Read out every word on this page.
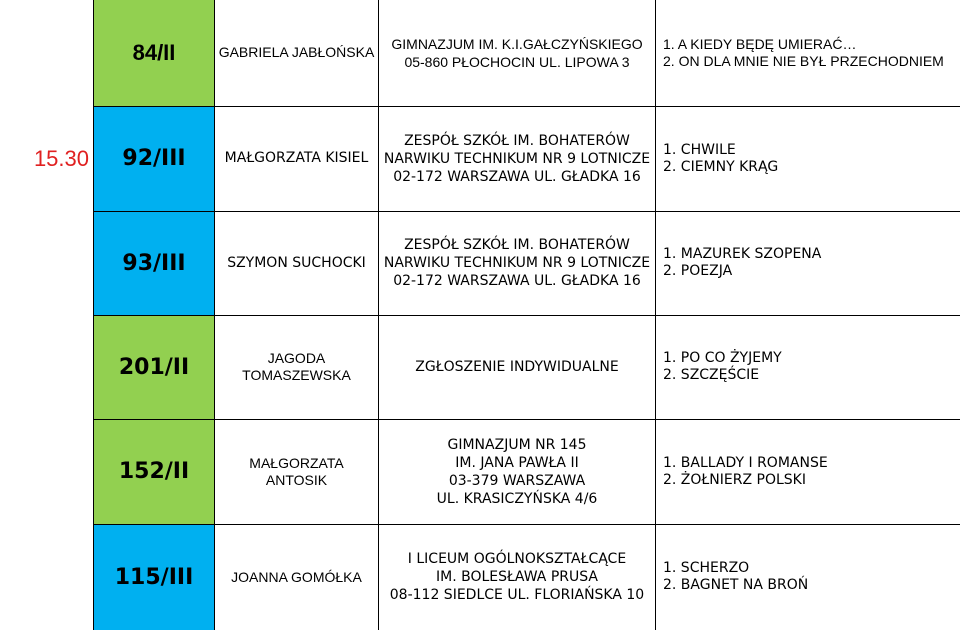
	84/II	GABRIELA JABŁOŃSKA	GIMNAZJUM IM. K.I.GAŁCZYŃSKIEGO
05-860 PŁOCHOCIN UL. LIPOWA 3	1. A KIEDY BĘDĘ UMIERAĆ…
2. ON DLA MNIE NIE BYŁ PRZECHODNIEM

15.30	92/III	MAŁGORZATA KISIEL	ZESPÓŁ SZKÓŁ IM. BOHATERÓW
NARWIKU TECHNIKUM NR 9 LOTNICZE
02-172 WARSZAWA UL. GŁADKA 16	1. CHWILE
2. CIEMNY KRĄG

	93/III	SZYMON SUCHOCKI	ZESPÓŁ SZKÓŁ IM. BOHATERÓW
NARWIKU TECHNIKUM NR 9 LOTNICZE
02-172 WARSZAWA UL. GŁADKA 16	1. MAZUREK SZOPENA
2. POEZJA

	201/II	JAGODA
TOMASZEWSKA	ZGŁOSZENIE INDYWIDUALNE	1. PO CO ŻYJEMY
2. SZCZĘŚCIE

	152/II	MAŁGORZATA
ANTOSIK	GIMNAZJUM NR 145
IM. JANA PAWŁA II
03-379 WARSZAWA
UL. KRASICZYŃSKA 4/6	1. BALLADY I ROMANSE
2. ŻOŁNIERZ POLSKI

	115/III	JOANNA GOMÓŁKA	I LICEUM OGÓLNOKSZTAŁCĄCE
IM. BOLESŁAWA PRUSA
08-112 SIEDLCE UL. FLORIAŃSKA 10	1. SCHERZO
2. BAGNET NA BROŃ
